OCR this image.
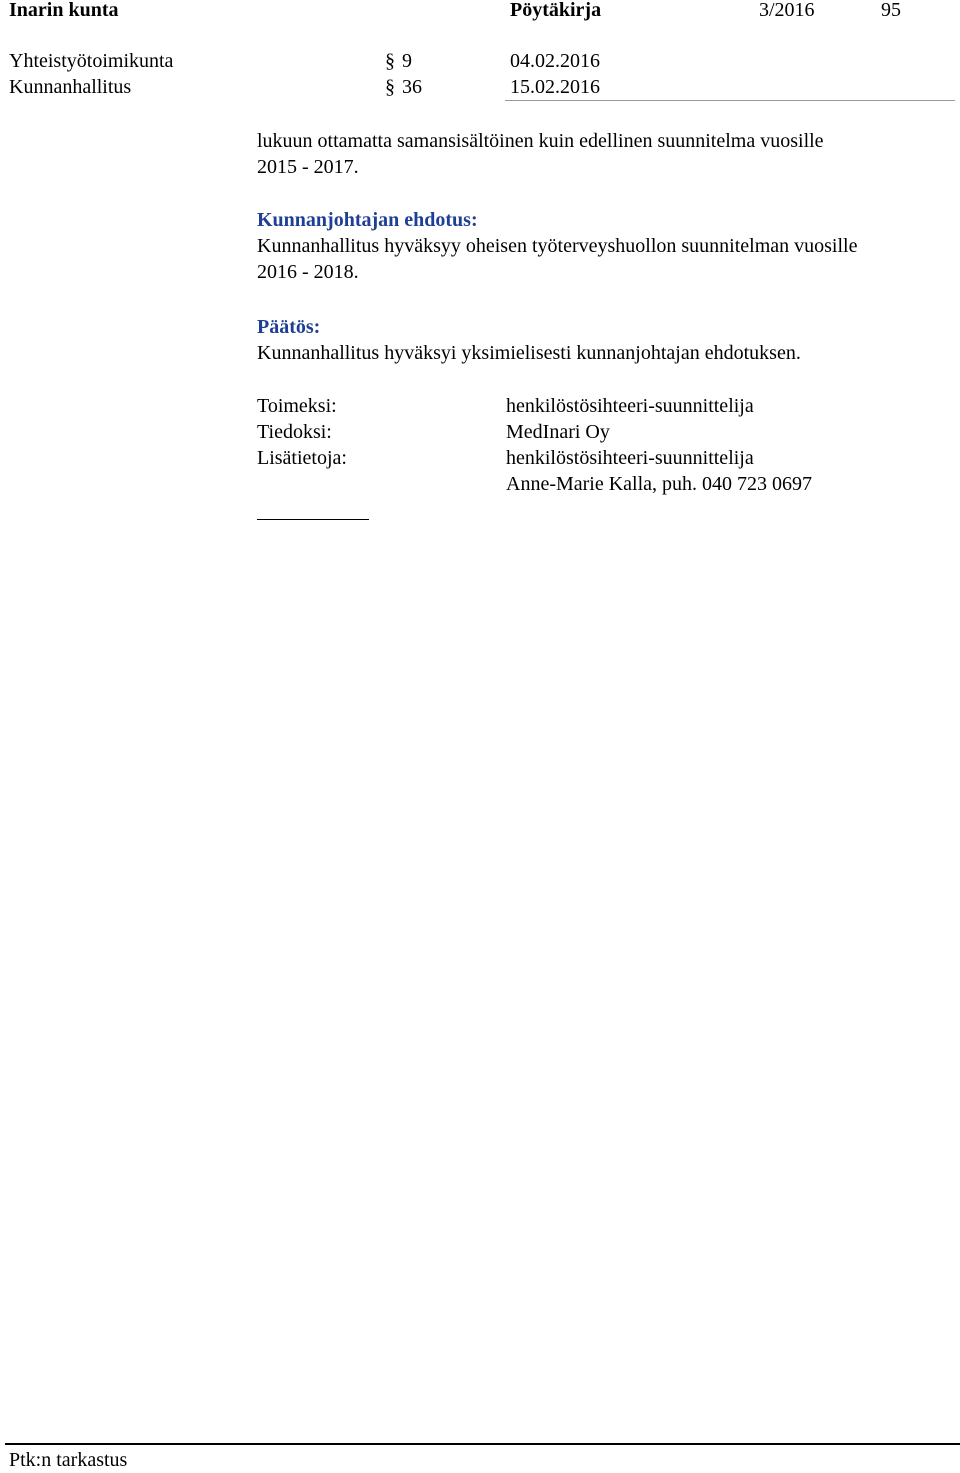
Inarin kunta	Pöytäkirja	3/2016	95
Yhteistyötoimikunta	§ 9	04.02.2016
Kunnanhallitus	§ 36	15.02.2016
lukuun ottamatta samansisältöinen kuin edellinen suunnitelma vuosille
2015 - 2017.
Kunnanjohtajan ehdotus:
Kunnanhallitus hyväksyy oheisen työterveyshuollon suunnitelman vuosille
2016 - 2018.
Päätös:
Kunnanhallitus hyväksyi yksimielisesti kunnanjohtajan ehdotuksen.
Toimeksi:	henkilöstösihteeri-suunnittelija
Tiedoksi:	MedInari Oy
Lisätietoja:	henkilöstösihteeri-suunnittelija
Anne-Marie Kalla, puh. 040 723 0697
Ptk:n tarkastus
